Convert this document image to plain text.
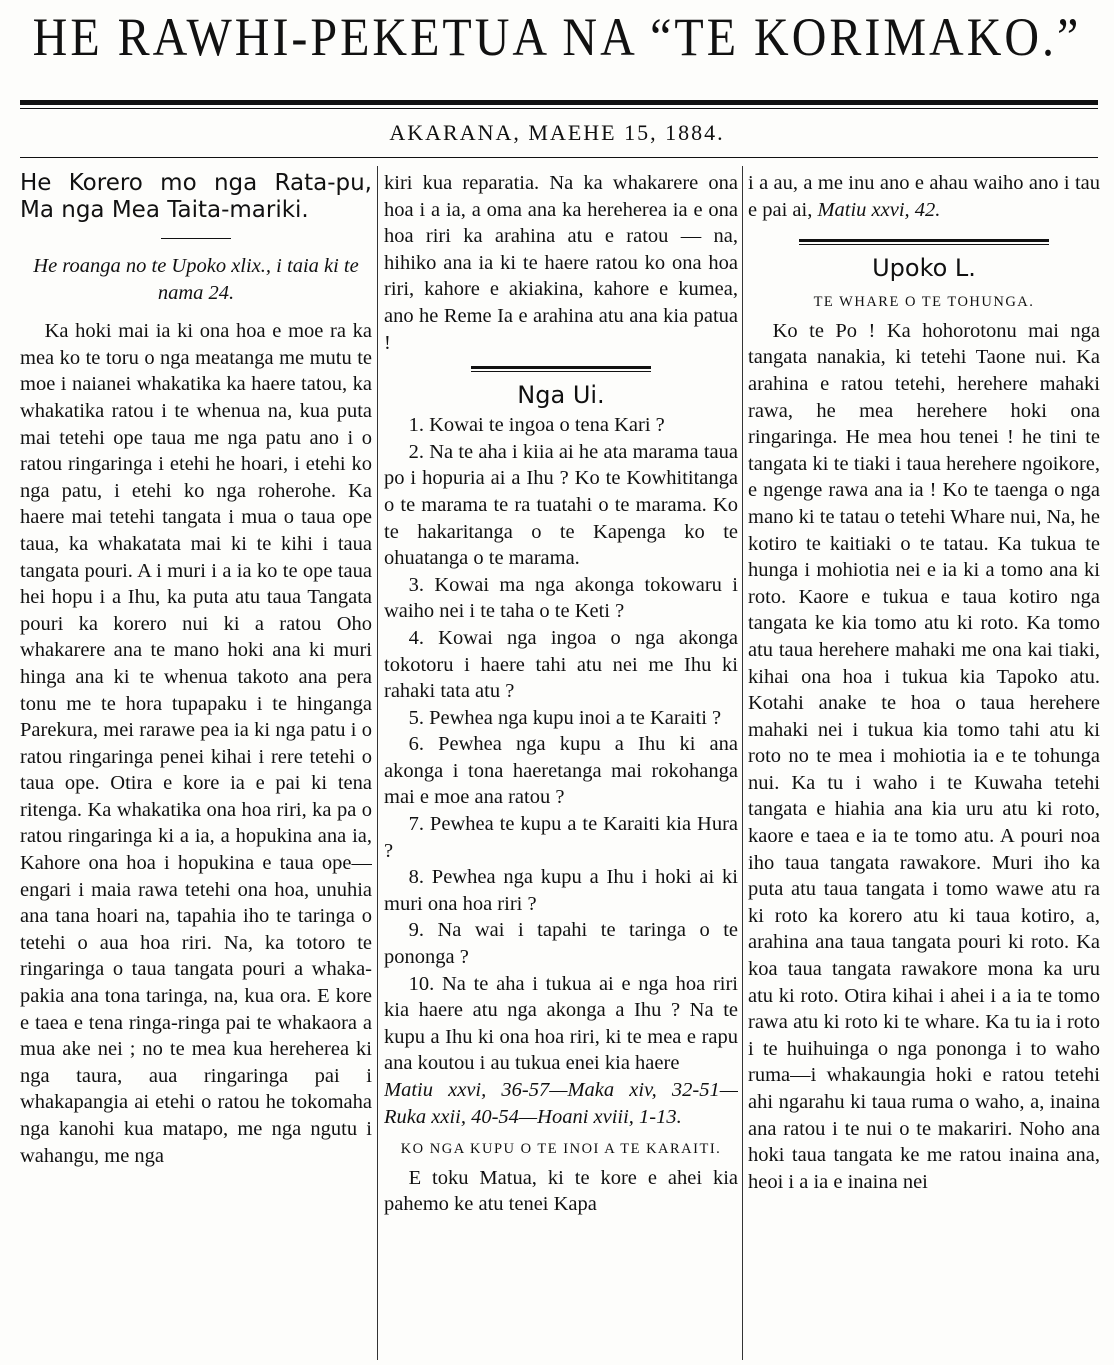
HE RAWHI-PEKETUA NA “TE KORIMAKO.”
AKARANA, MAEHE 15, 1884.

He Korero mo nga Rata-pu, Ma nga Mea Taita-mariki.

He roanga no te Upoko xlix., i taia ki te nama 24.

Ka hoki mai ia ki ona hoa e moe ra ka mea ko te toru o nga meatanga me mutu te moe i naianei whakatika ka haere tatou, ka whakatika ratou i te whenua na, kua puta mai tetehi ope taua me nga patu ano i o ratou ringaringa i etehi he hoari, i etehi ko nga patu, i etehi ko nga roherohe. Ka haere mai tetehi tangata i mua o taua ope taua, ka whakatata mai ki te kihi i taua tangata pouri. A i muri i a ia ko te ope taua hei hopu i a Ihu, ka puta atu taua Tangata pouri ka korero nui ki a ratou Oho whakarere ana te mano hoki ana ki muri hinga ana ki te whenua takoto ana pera tonu me te hora tupapaku i te hinganga Parekura, mei rarawe pea ia ki nga patu i o ratou ringaringa penei kihai i rere tetehi o taua ope. Otira e kore ia e pai ki tena ritenga. Ka whakatika ona hoa riri, ka pa o ratou ringaringa ki a ia, a hopukina ana ia, Kahore ona hoa i hopukina e taua ope— engari i maia rawa tetehi ona hoa, unuhia ana tana hoari na, tapahia iho te taringa o tetehi o aua hoa riri. Na, ka totoro te ringaringa o taua tangata pouri a whaka-pakia ana tona taringa, na, kua ora. E kore e taea e tena ringa-ringa pai te whakaora a mua ake nei ; no te mea kua hereherea ki nga taura, aua ringaringa pai i whakapangia ai etehi o ratou he tokomaha nga kanohi kua matapo, me nga ngutu i wahangu, me nga

kiri kua reparatia. Na ka whakarere ona hoa i a ia, a oma ana ka hereherea ia e ona hoa riri ka arahina atu e ratou — na, hihiko ana ia ki te haere ratou ko ona hoa riri, kahore e akiakina, kahore e kumea, ano he Reme Ia e arahina atu ana kia patua !

Nga Ui.

1. Kowai te ingoa o tena Kari ?

2. Na te aha i kiia ai he ata marama taua po i hopuria ai a Ihu ? Ko te Kowhititanga o te marama te ra tuatahi o te marama. Ko te hakaritanga o te Kapenga ko te ohuatanga o te marama.

3. Kowai ma nga akonga tokowaru i waiho nei i te taha o te Keti ?

4. Kowai nga ingoa o nga akonga tokotoru i haere tahi atu nei me Ihu ki rahaki tata atu ?

5. Pewhea nga kupu inoi a te Karaiti ?

6. Pewhea nga kupu a Ihu ki ana akonga i tona haeretanga mai rokohanga mai e moe ana ratou ?

7. Pewhea te kupu a te Karaiti kia Hura ?

8. Pewhea nga kupu a Ihu i hoki ai ki muri ona hoa riri ?

9. Na wai i tapahi te taringa o te pononga ?

10. Na te aha i tukua ai e nga hoa riri kia haere atu nga akonga a Ihu ? Na te kupu a Ihu ki ona hoa riri, ki te mea e rapu ana koutou i au tukua enei kia haere

Matiu xxvi, 36-57—Maka xiv, 32-51—Ruka xxii, 40-54—Hoani xviii, 1-13.

KO NGA KUPU O TE INOI A TE KARAITI.

E toku Matua, ki te kore e ahei kia pahemo ke atu tenei Kapa

i a au, a me inu ano e ahau waiho ano i tau e pai ai, Matiu xxvi, 42.

Upoko L.

TE WHARE O TE TOHUNGA.

Ko te Po ! Ka hohorotonu mai nga tangata nanakia, ki tetehi Taone nui. Ka arahina e ratou tetehi, herehere mahaki rawa, he mea herehere hoki ona ringaringa. He mea hou tenei ! he tini te tangata ki te tiaki i taua herehere ngoikore, e ngenge rawa ana ia ! Ko te taenga o nga mano ki te tatau o tetehi Whare nui, Na, he kotiro te kaitiaki o te tatau. Ka tukua te hunga i mohiotia nei e ia ki a tomo ana ki roto. Kaore e tukua e taua kotiro nga tangata ke kia tomo atu ki roto. Ka tomo atu taua herehere mahaki me ona kai tiaki, kihai ona hoa i tukua kia Tapoko atu. Kotahi anake te hoa o taua herehere mahaki nei i tukua kia tomo tahi atu ki roto no te mea i mohiotia ia e te tohunga nui. Ka tu i waho i te Kuwaha tetehi tangata e hiahia ana kia uru atu ki roto, kaore e taea e ia te tomo atu. A pouri noa iho taua tangata rawakore. Muri iho ka puta atu taua tangata i tomo wawe atu ra ki roto ka korero atu ki taua kotiro, a, arahina ana taua tangata pouri ki roto. Ka koa taua tangata rawakore mona ka uru atu ki roto. Otira kihai i ahei i a ia te tomo rawa atu ki roto ki te whare. Ka tu ia i roto i te huihuinga o nga pononga i to waho ruma—i whakaungia hoki e ratou tetehi ahi ngarahu ki taua ruma o waho, a, inaina ana ratou i te nui o te makariri. Noho ana hoki taua tangata ke me ratou inaina ana, heoi i a ia e inaina nei
